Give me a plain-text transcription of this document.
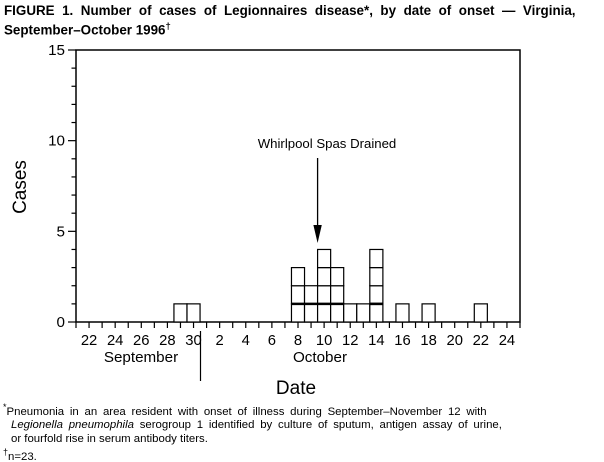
FIGURE 1. Number of cases of Legionnaires disease*, by date of onset — Virginia,
September–October 1996†
0
5
10
15
22 24 26 28 30 2 4 6 8 10 12 14 16 18 20 22 24
September	October
Date
Cases
Whirlpool Spas Drained
*Pneumonia in an area resident with onset of illness during September–November 12 with
Legionella pneumophila serogroup 1 identified by culture of sputum, antigen assay of urine,
or fourfold rise in serum antibody titers.
†n=23.
